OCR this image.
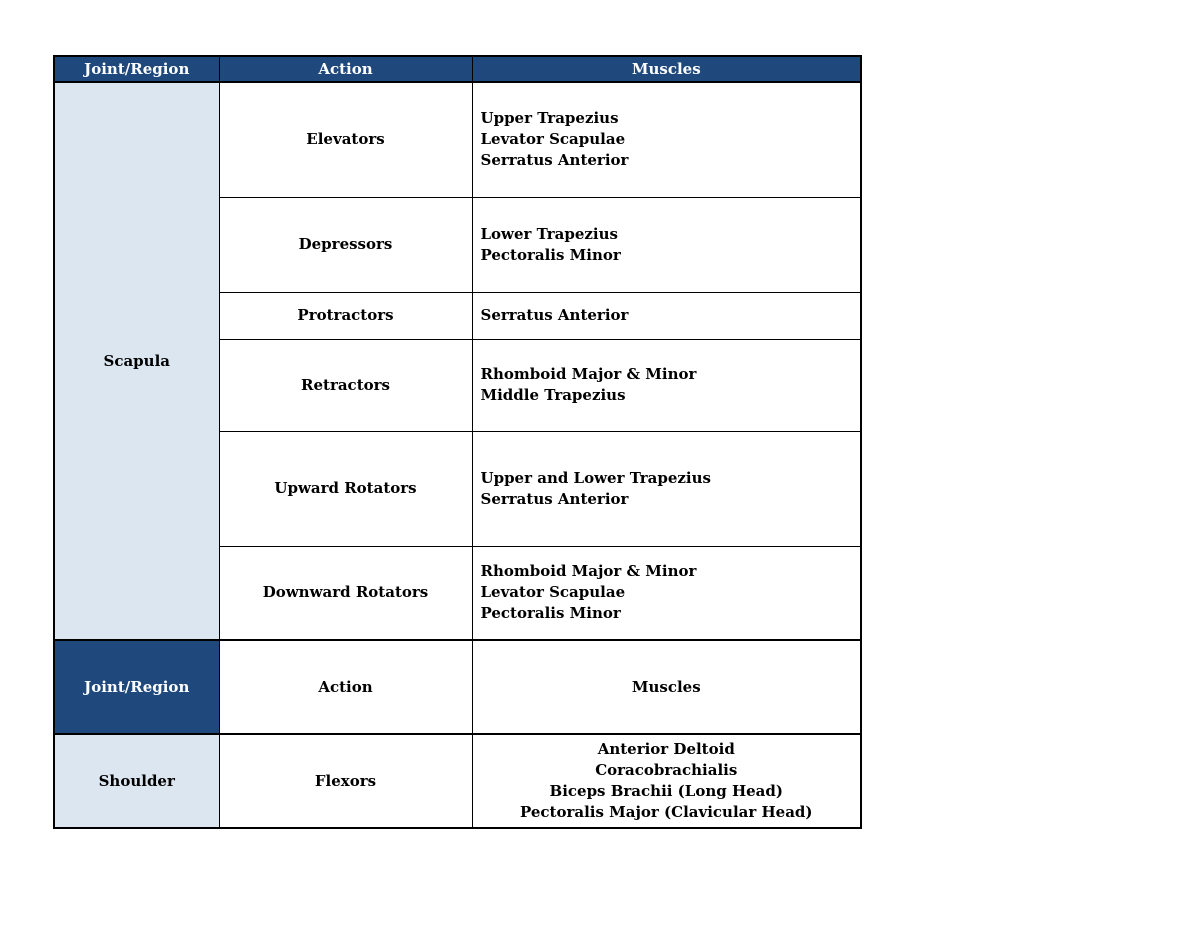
Joint/Region	Action	Muscles
Scapula	Elevators	Upper Trapezius
Levator Scapulae
Serratus Anterior

	Depressors	Lower Trapezius
Pectoralis Minor

	Protractors	Serratus Anterior

	Retractors	Rhomboid Major & Minor
Middle Trapezius

	Upward Rotators	Upper and Lower Trapezius
Serratus Anterior

	Downward Rotators	Rhomboid Major & Minor
Levator Scapulae
Pectoralis Minor

Joint/Region	Action	Muscles
Shoulder	Flexors	Anterior Deltoid
Coracobrachialis
Biceps Brachii (Long Head)
Pectoralis Major (Clavicular Head)
